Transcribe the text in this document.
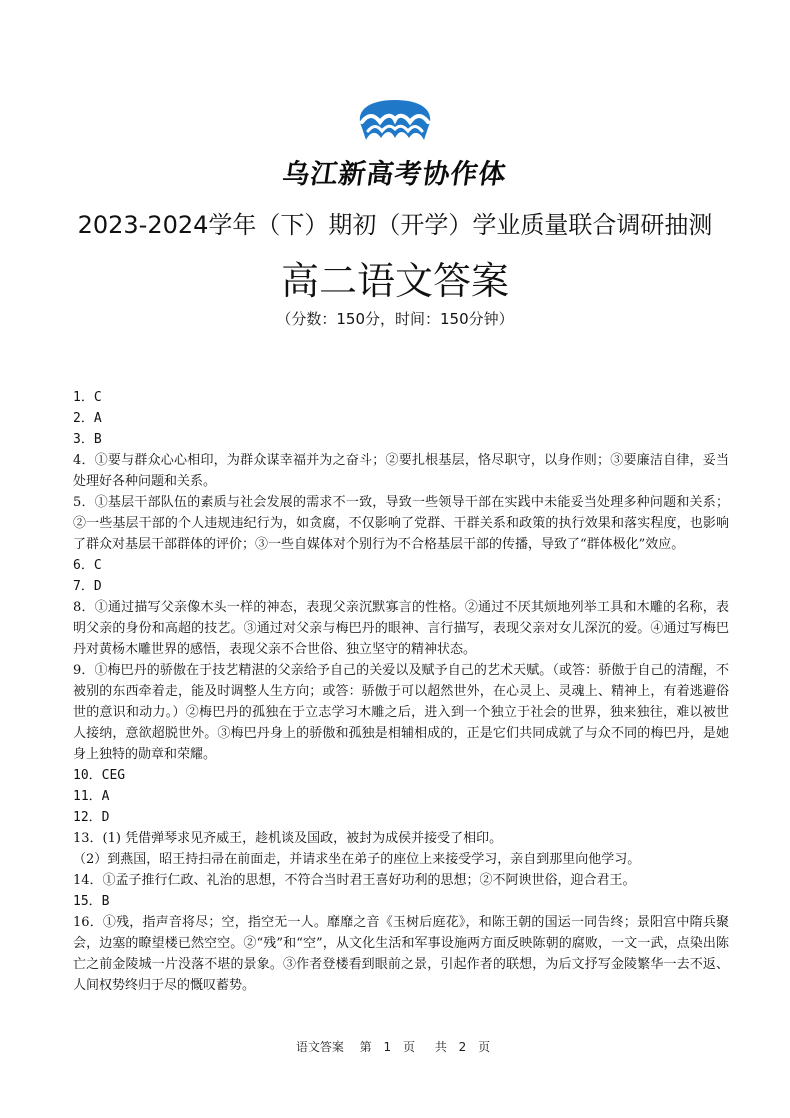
乌江新高考协作体
2023-2024学年（下）期初（开学）学业质量联合调研抽测
高二语文答案
（分数：150分，时间：150分钟）
1．C
2．A
3．B
4．①要与群众心心相印，为群众谋幸福并为之奋斗；②要扎根基层，恪尽职守，以身作则；③要廉洁自律，妥当处理好各种问题和关系。
5．①基层干部队伍的素质与社会发展的需求不一致，导致一些领导干部在实践中未能妥当处理多种问题和关系；②一些基层干部的个人违规违纪行为，如贪腐，不仅影响了党群、干群关系和政策的执行效果和落实程度，也影响了群众对基层干部群体的评价；③一些自媒体对个别行为不合格基层干部的传播，导致了“群体极化”效应。
6．C
7．D
8．①通过描写父亲像木头一样的神态，表现父亲沉默寡言的性格。②通过不厌其烦地列举工具和木雕的名称，表明父亲的身份和高超的技艺。③通过对父亲与梅巴丹的眼神、言行描写，表现父亲对女儿深沉的爱。④通过写梅巴丹对黄杨木雕世界的感悟，表现父亲不合世俗、独立坚守的精神状态。
9．①梅巴丹的骄傲在于技艺精湛的父亲给予自己的关爱以及赋予自己的艺术天赋。（或答：骄傲于自己的清醒，不被别的东西牵着走，能及时调整人生方向；或答：骄傲于可以超然世外，在心灵上、灵魂上、精神上，有着逃避俗世的意识和动力。）②梅巴丹的孤独在于立志学习木雕之后，进入到一个独立于社会的世界，独来独往，难以被世人接纳，意欲超脱世外。③梅巴丹身上的骄傲和孤独是相辅相成的，正是它们共同成就了与众不同的梅巴丹，是她身上独特的勋章和荣耀。
10．CEG
11．A
12．D
13．(1) 凭借弹琴求见齐威王，趁机谈及国政，被封为成侯并接受了相印。
（2）到燕国，昭王持扫帚在前面走，并请求坐在弟子的座位上来接受学习，亲自到那里向他学习。
14．①孟子推行仁政、礼治的思想，不符合当时君王喜好功利的思想；②不阿谀世俗，迎合君王。
15．B
16．①残，指声音将尽；空，指空无一人。靡靡之音《玉树后庭花》，和陈王朝的国运一同告终；景阳宫中隋兵聚会，边塞的瞭望楼已然空空。②“残”和“空”，从文化生活和军事设施两方面反映陈朝的腐败，一文一武，点染出陈亡之前金陵城一片没落不堪的景象。③作者登楼看到眼前之景，引起作者的联想，为后文抒写金陵繁华一去不返、人间权势终归于尽的慨叹蓄势。
语文答案 第 1 页 共 2 页
